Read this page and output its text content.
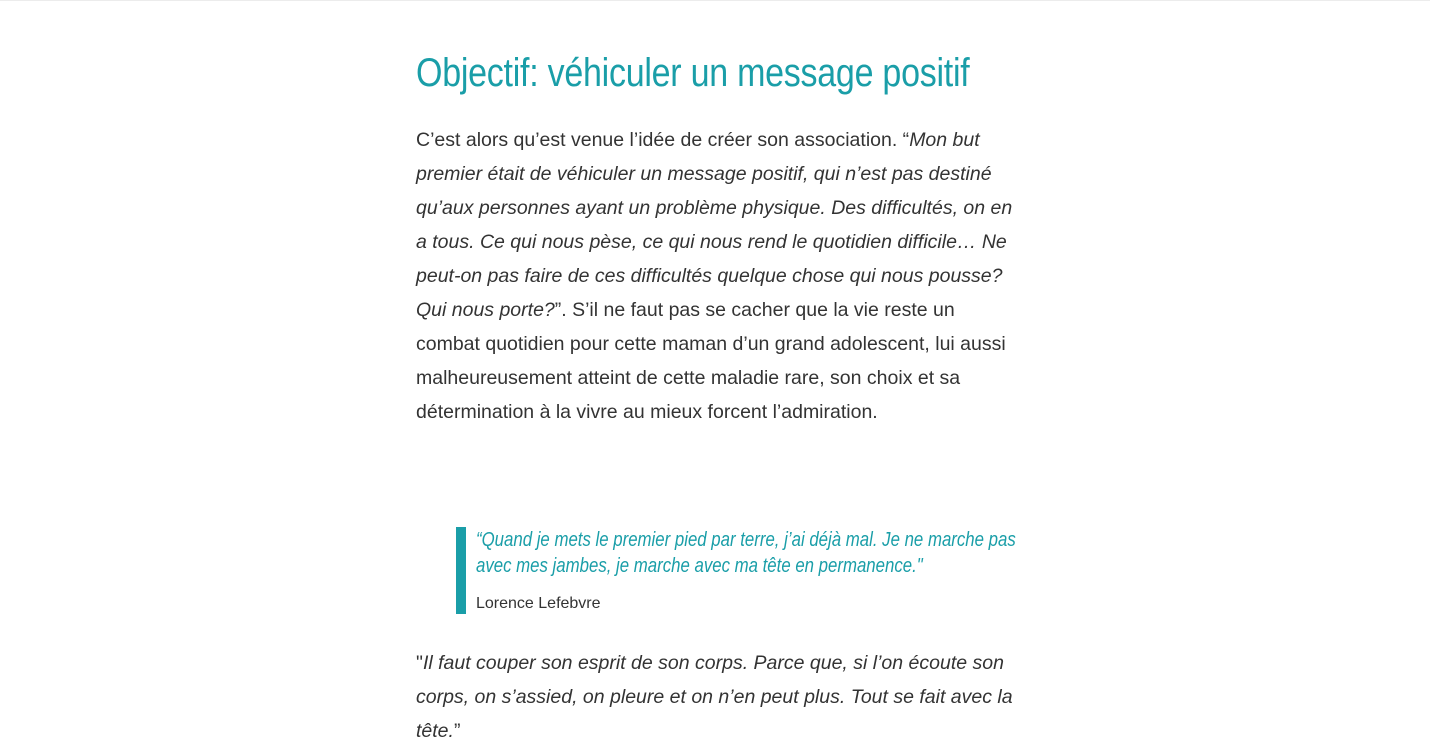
Objectif: véhiculer un message positif

C’est alors qu’est venue l’idée de créer son association. “Mon but premier était de véhiculer un message positif, qui n’est pas destiné qu’aux personnes ayant un problème physique. Des difficultés, on en a tous. Ce qui nous pèse, ce qui nous rend le quotidien difficile… Ne peut-on pas faire de ces difficultés quelque chose qui nous pousse? Qui nous porte?”. S’il ne faut pas se cacher que la vie reste un combat quotidien pour cette maman d’un grand adolescent, lui aussi malheureusement atteint de cette maladie rare, son choix et sa détermination à la vivre au mieux forcent l’admiration.

“Quand je mets le premier pied par terre, j’ai déjà mal. Je ne marche pas avec mes jambes, je marche avec ma tête en permanence."

Lorence Lefebvre

"Il faut couper son esprit de son corps. Parce que, si l’on écoute son corps, on s’assied, on pleure et on n’en peut plus. Tout se fait avec la tête.”
